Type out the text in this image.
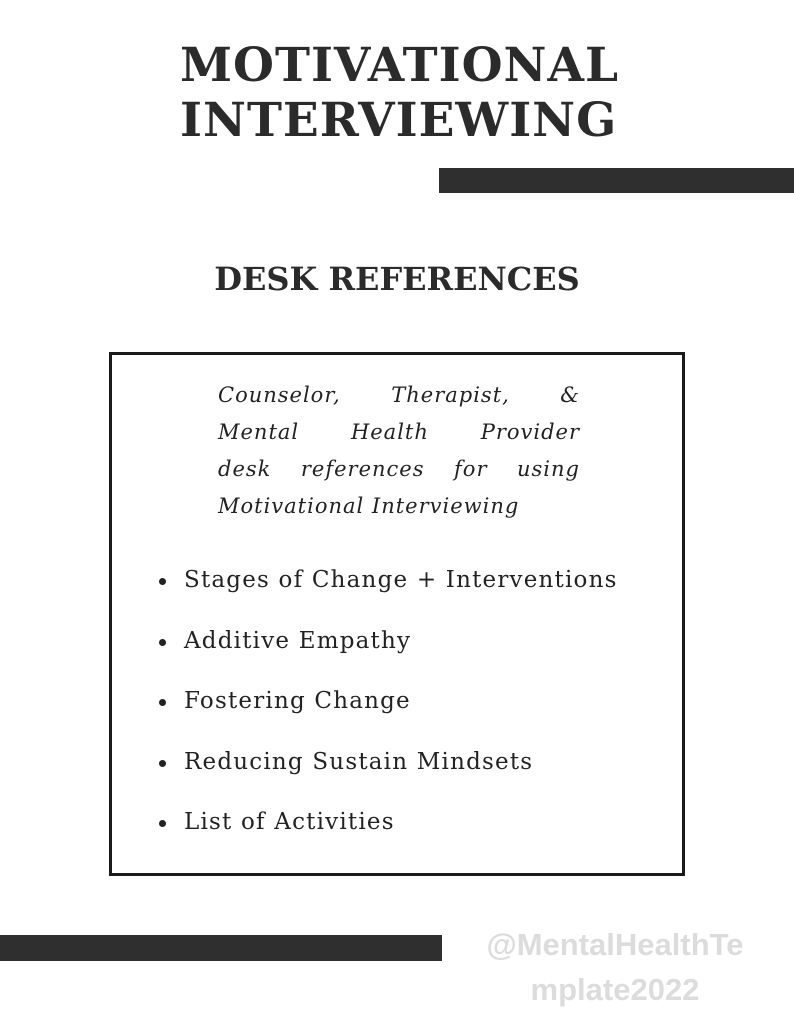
MOTIVATIONAL
INTERVIEWING
DESK REFERENCES

Counselor, Therapist, &
Mental Health Provider
desk references for using
Motivational Interviewing

Stages of Change + Interventions
Additive Empathy
Fostering Change
Reducing Sustain Mindsets
List of Activities
@MentalHealthTe
mplate2022
